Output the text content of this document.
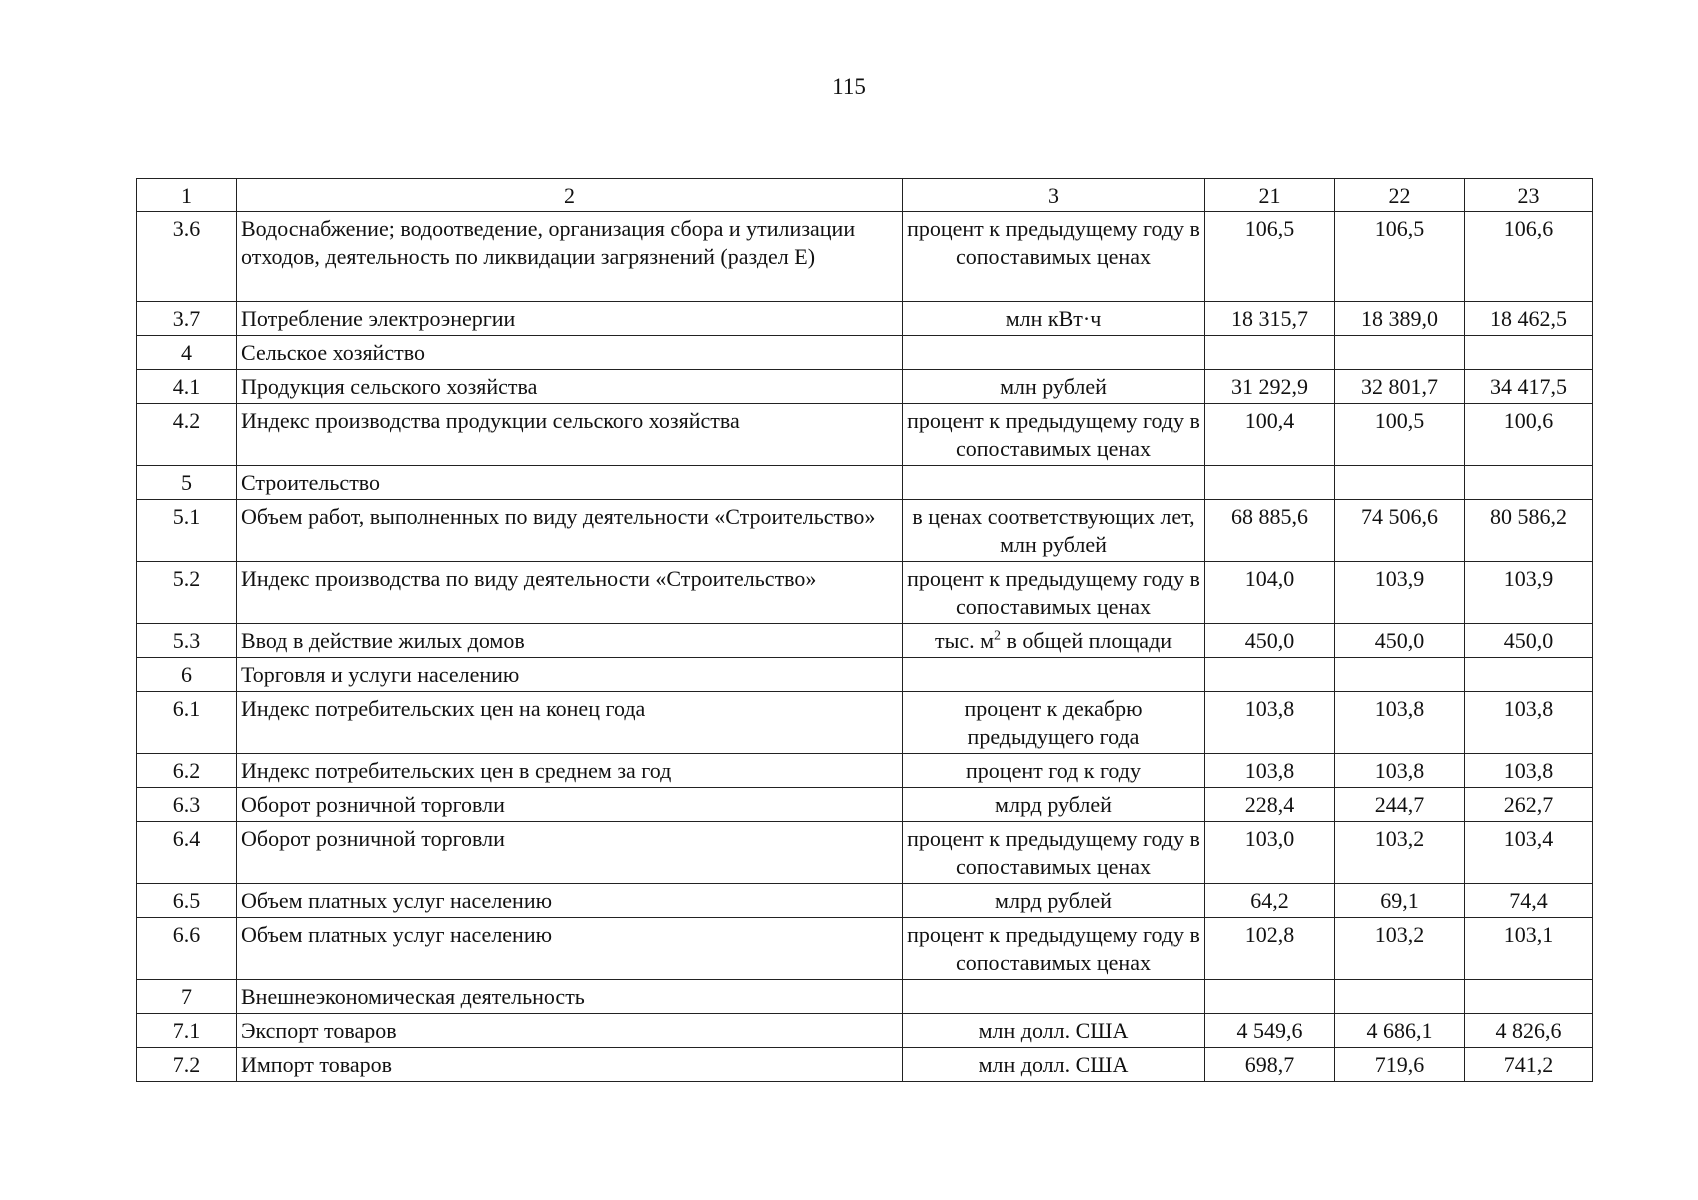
115
1	2	3	21	22	23
3.6	Водоснабжение; водоотведение, организация сбора и утилизации отходов, деятельность по ликвидации загрязнений (раздел Е)	процент к предыдущему году в сопоставимых ценах	106,5	106,5	106,6
3.7	Потребление электроэнергии	млн кВт·ч	18 315,7	18 389,0	18 462,5
4	Сельское хозяйство				
4.1	Продукция сельского хозяйства	млн рублей	31 292,9	32 801,7	34 417,5
4.2	Индекс производства продукции сельского хозяйства	процент к предыдущему году в сопоставимых ценах	100,4	100,5	100,6
5	Строительство				
5.1	Объем работ, выполненных по виду деятельности «Строительство»	в ценах соответствующих лет, млн рублей	68 885,6	74 506,6	80 586,2
5.2	Индекс производства по виду деятельности «Строительство»	процент к предыдущему году в сопоставимых ценах	104,0	103,9	103,9
5.3	Ввод в действие жилых домов	тыс. $м^2$ в общей площади	450,0	450,0	450,0
6	Торговля и услуги населению				
6.1	Индекс потребительских цен на конец года	процент к декабрю предыдущего года	103,8	103,8	103,8
6.2	Индекс потребительских цен в среднем за год	процент год к году	103,8	103,8	103,8
6.3	Оборот розничной торговли	млрд рублей	228,4	244,7	262,7
6.4	Оборот розничной торговли	процент к предыдущему году в сопоставимых ценах	103,0	103,2	103,4
6.5	Объем платных услуг населению	млрд рублей	64,2	69,1	74,4
6.6	Объем платных услуг населению	процент к предыдущему году в сопоставимых ценах	102,8	103,2	103,1
7	Внешнеэкономическая деятельность				
7.1	Экспорт товаров	млн долл. США	4 549,6	4 686,1	4 826,6
7.2	Импорт товаров	млн долл. США	698,7	719,6	741,2
